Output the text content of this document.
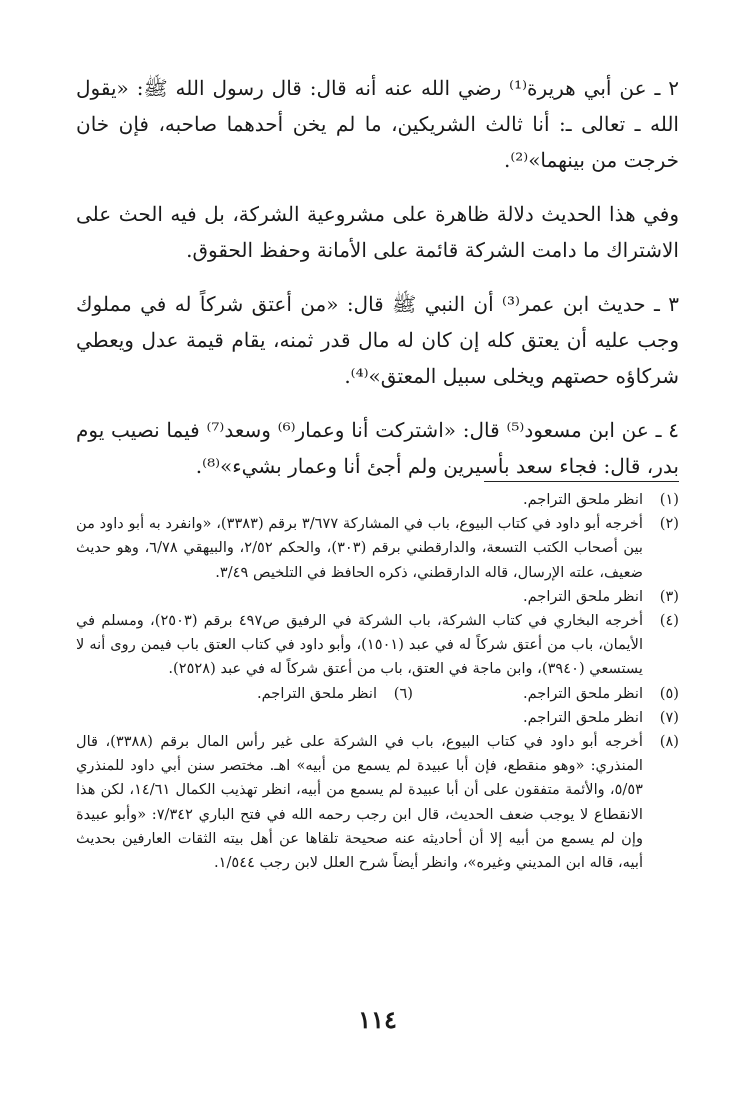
٢ ـ عن أبي هريرة⁽¹⁾ رضي الله عنه أنه قال: قال رسول الله ﷺ: «يقول الله ـ تعالى ـ: أنا ثالث الشريكين، ما لم يخن أحدهما صاحبه، فإن خان خرجت من بينهما»⁽²⁾.

وفي هذا الحديث دلالة ظاهرة على مشروعية الشركة، بل فيه الحث على الاشتراك ما دامت الشركة قائمة على الأمانة وحفظ الحقوق.

٣ ـ حديث ابن عمر⁽³⁾ أن النبي ﷺ قال: «من أعتق شركاً له في مملوك وجب عليه أن يعتق كله إن كان له مال قدر ثمنه، يقام قيمة عدل ويعطي شركاؤه حصتهم ويخلى سبيل المعتق»⁽⁴⁾.

٤ ـ عن ابن مسعود⁽⁵⁾ قال: «اشتركت أنا وعمار⁽⁶⁾ وسعد⁽⁷⁾ فيما نصيب يوم بدر، قال: فجاء سعد بأسيرين ولم أجئ أنا وعمار بشيء»⁽⁸⁾.

(١)
انظر ملحق التراجم.
(٢)
أخرجه أبو داود في كتاب البيوع، باب في المشاركة ٣/٦٧٧ برقم (٣٣٨٣)، «وانفرد به أبو داود من بين أصحاب الكتب التسعة، والدارقطني برقم (٣٠٣)، والحكم ٢/٥٢، والبيهقي ٦/٧٨، وهو حديث ضعيف، علته الإرسال، قاله الدارقطني، ذكره الحافظ في التلخيص ٣/٤٩.
(٣)
انظر ملحق التراجم.
(٤)
أخرجه البخاري في كتاب الشركة، باب الشركة في الرفيق ص٤٩٧ برقم (٢٥٠٣)، ومسلم في الأيمان، باب من أعتق شركاً له في عبد (١٥٠١)، وأبو داود في كتاب العتق باب فيمن روى أنه لا يستسعي (٣٩٤٠)، وابن ماجة في العتق، باب من أعتق شركاً له في عبد (٢٥٢٨).
(٥)
انظر ملحق التراجم.
(٦)
انظر ملحق التراجم.
(٧)
انظر ملحق التراجم.
(٨)
أخرجه أبو داود في كتاب البيوع، باب في الشركة على غير رأس المال برقم (٣٣٨٨)، قال المنذري: «وهو منقطع، فإن أبا عبيدة لم يسمع من أبيه» اهـ. مختصر سنن أبي داود للمنذري ٥/٥٣، والأئمة متفقون على أن أبا عبيدة لم يسمع من أبيه، انظر تهذيب الكمال ١٤/٦١، لكن هذا الانقطاع لا يوجب ضعف الحديث، قال ابن رجب رحمه الله في فتح الباري ٧/٣٤٢: «وأبو عبيدة وإن لم يسمع من أبيه إلا أن أحاديثه عنه صحيحة تلقاها عن أهل بيته الثقات العارفين بحديث أبيه، قاله ابن المديني وغيره»، وانظر أيضاً شرح العلل لابن رجب ١/٥٤٤.
١١٤
